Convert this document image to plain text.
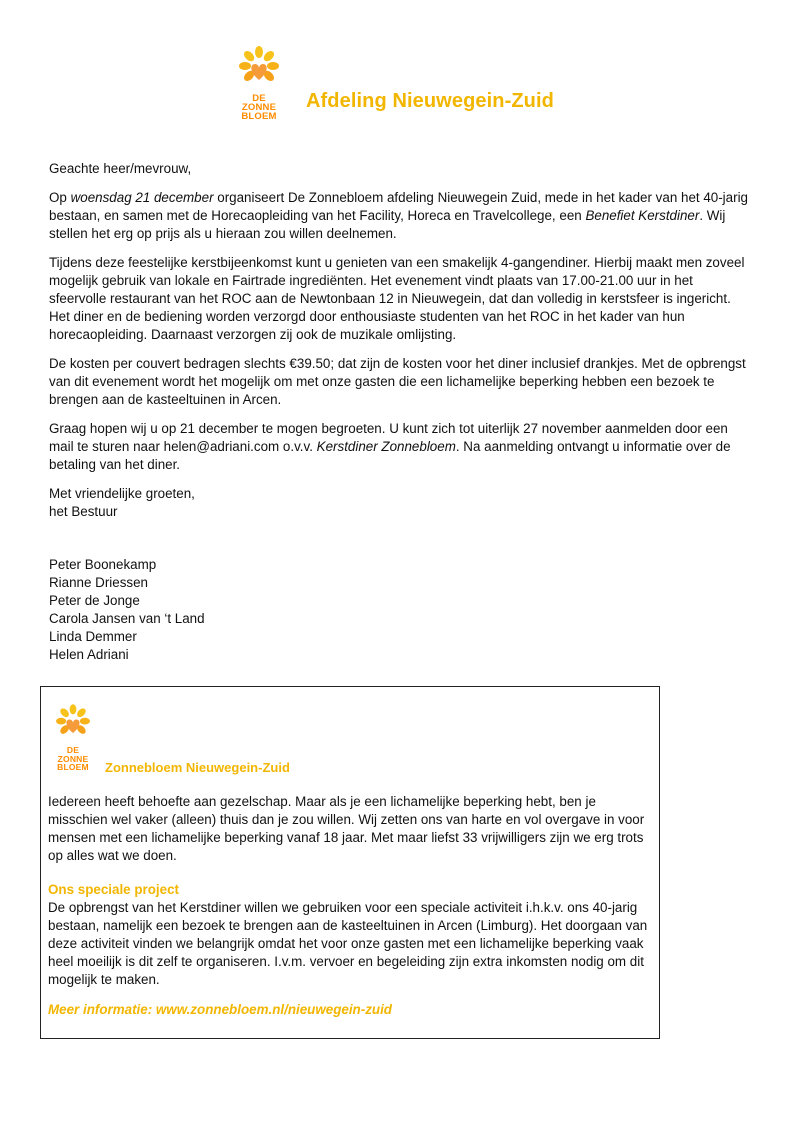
DE
ZONNE
BLOEM
Afdeling Nieuwegein-Zuid

Geachte heer/mevrouw,

Op woensdag 21 december organiseert De Zonnebloem afdeling Nieuwegein Zuid, mede in het kader van het 40-jarig bestaan, en samen met de Horecaopleiding van het Facility, Horeca en Travelcollege, een Benefiet Kerstdiner. Wij stellen het erg op prijs als u hieraan zou willen deelnemen.

Tijdens deze feestelijke kerstbijeenkomst kunt u genieten van een smakelijk 4-gangendiner. Hierbij maakt men zoveel mogelijk gebruik van lokale en Fairtrade ingrediënten. Het evenement vindt plaats van 17.00-21.00 uur in het sfeervolle restaurant van het ROC aan de Newtonbaan 12 in Nieuwegein, dat dan volledig in kerstsfeer is ingericht. Het diner en de bediening worden verzorgd door enthousiaste studenten van het ROC in het kader van hun horecaopleiding. Daarnaast verzorgen zij ook de muzikale omlijsting.

De kosten per couvert bedragen slechts €39.50; dat zijn de kosten voor het diner inclusief drankjes. Met de opbrengst van dit evenement wordt het mogelijk om met onze gasten die een lichamelijke beperking hebben een bezoek te brengen aan de kasteeltuinen in Arcen.

Graag hopen wij u op 21 december te mogen begroeten. U kunt zich tot uiterlijk 27 november aanmelden door een mail te sturen naar helen@adriani.com o.v.v. Kerstdiner Zonnebloem. Na aanmelding ontvangt u informatie over de betaling van het diner.

Met vriendelijke groeten,
het Bestuur
Peter Boonekamp
Rianne Driessen
Peter de Jonge
Carola Jansen van ‘t Land
Linda Demmer
Helen Adriani
DE
ZONNE
BLOEM	Zonnebloem Nieuwegein-Zuid

Iedereen heeft behoefte aan gezelschap. Maar als je een lichamelijke beperking hebt, ben je misschien wel vaker (alleen) thuis dan je zou willen. Wij zetten ons van harte en vol overgave in voor mensen met een lichamelijke beperking vanaf 18 jaar. Met maar liefst 33 vrijwilligers zijn we erg trots op alles wat we doen.

Ons speciale project
De opbrengst van het Kerstdiner willen we gebruiken voor een speciale activiteit i.h.k.v. ons 40-jarig bestaan, namelijk een bezoek te brengen aan de kasteeltuinen in Arcen (Limburg). Het doorgaan van deze activiteit vinden we belangrijk omdat het voor onze gasten met een lichamelijke beperking vaak heel moeilijk is dit zelf te organiseren. I.v.m. vervoer en begeleiding zijn extra inkomsten nodig om dit mogelijk te maken.

Meer informatie: www.zonnebloem.nl/nieuwegein-zuid
